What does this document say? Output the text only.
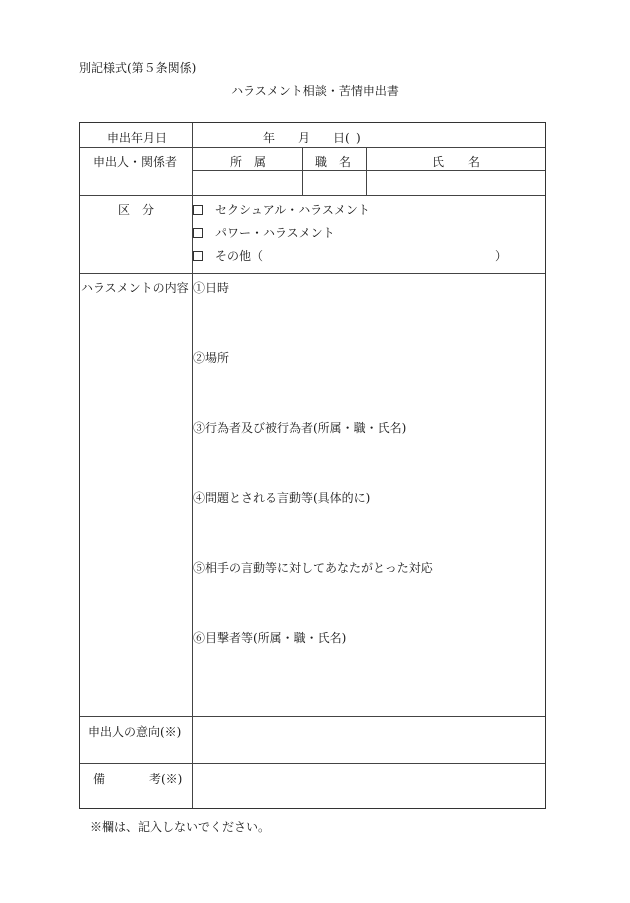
別記様式(第５条関係)
ハラスメント相談・苦情申出書
申出年月日	年 月 日( )
申出人・関係者	所　属	職　名	氏　　名
区　分	セクシュアル・ハラスメント
パワー・ハラスメント
その他（	）
ハラスメントの内容 ①日時
②場所
③行為者及び被行為者(所属・職・氏名)
④問題とされる言動等(具体的に)
⑤相手の言動等に対してあなたがとった対応
⑥目撃者等(所属・職・氏名)
申出人の意向(※)
備	考(※)
※欄は、記入しないでください。
